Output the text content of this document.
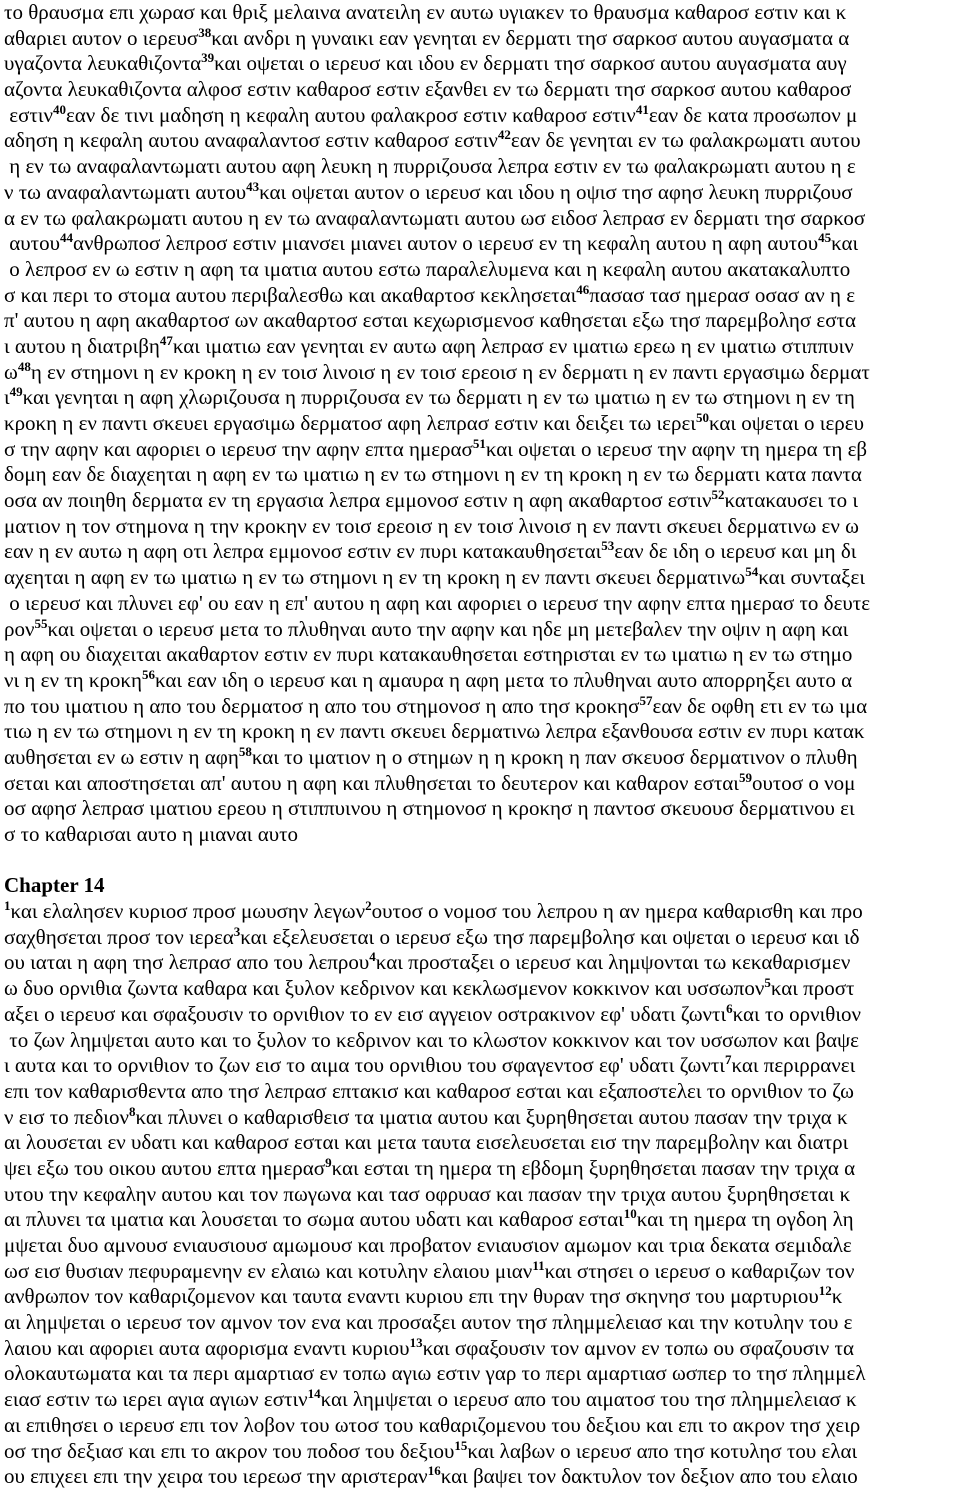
το θραυσμα επι χωρασ και θριξ μελαινα ανατειλη εν αυτω υγιακεν το θραυσμα καθαροσ εστιν και κ
αθαριει αυτον ο ιερευσ$^{38}$και ανδρι η γυναικι εαν γενηται εν δερματι τησ σαρκοσ αυτου αυγασματα α
υγαζοντα λευκαθιζοντα$^{39}$και οψεται ο ιερευσ και ιδου εν δερματι τησ σαρκοσ αυτου αυγασματα αυγ
αζοντα λευκαθιζοντα αλφοσ εστιν καθαροσ εστιν εξανθει εν τω δερματι τησ σαρκοσ αυτου καθαροσ
εστιν$^{40}$εαν δε τινι μαδηση η κεφαλη αυτου φαλακροσ εστιν καθαροσ εστιν$^{41}$εαν δε κατα προσωπον μ
αδηση η κεφαλη αυτου αναφαλαντοσ εστιν καθαροσ εστιν$^{42}$εαν δε γενηται εν τω φαλακρωματι αυτου
η εν τω αναφαλαντωματι αυτου αφη λευκη η πυρριζουσα λεπρα εστιν εν τω φαλακρωματι αυτου η ε
ν τω αναφαλαντωματι αυτου$^{43}$και οψεται αυτον ο ιερευσ και ιδου η οψισ τησ αφησ λευκη πυρριζουσ
α εν τω φαλακρωματι αυτου η εν τω αναφαλαντωματι αυτου ωσ ειδοσ λεπρασ εν δερματι τησ σαρκοσ
αυτου$^{44}$ανθρωποσ λεπροσ εστιν μιανσει μιανει αυτον ο ιερευσ εν τη κεφαλη αυτου η αφη αυτου$^{45}$και
ο λεπροσ εν ω εστιν η αφη τα ιματια αυτου εστω παραλελυμενα και η κεφαλη αυτου ακατακαλυπτο
σ και περι το στομα αυτου περιβαλεσθω και ακαθαρτοσ κεκλησεται$^{46}$πασασ τασ ημερασ οσασ αν η ε
π' αυτου η αφη ακαθαρτοσ ων ακαθαρτοσ εσται κεχωρισμενοσ καθησεται εξω τησ παρεμβολησ εστα
ι αυτου η διατριβη$^{47}$και ιματιω εαν γενηται εν αυτω αφη λεπρασ εν ιματιω ερεω η εν ιματιω στιππυιν
$\omega^{48}\eta$ εν στημονι η εν κροκη η εν τοισ λινοισ η εν τοισ ερεοισ η εν δερματι η εν παντι εργασιμω δερματ
$\iota^{49}\kappa\alpha\iota$ γενηται η αφη χλωριζουσα η πυρριζουσα εν τω δερματι η εν τω ιματιω η εν τω στημονι η εν τη
κροκη η εν παντι σκευει εργασιμω δερματοσ αφη λεπρασ εστιν και δειξει τω ιερει$^{50}$και οψεται ο ιερευ
σ την αφην και αφοριει ο ιερευσ την αφην επτα ημερασ$^{51}$και οψεται ο ιερευσ την αφην τη ημερα τη εβ
δομη εαν δε διαχεηται η αφη εν τω ιματιω η εν τω στημονι η εν τη κροκη η εν τω δερματι κατα παντα
οσα αν ποιηθη δερματα εν τη εργασια λεπρα εμμονοσ εστιν η αφη ακαθαρτοσ εστιν$^{52}$κατακαυσει το ι
ματιον η τον στημονα η την κροκην εν τοισ ερεοισ η εν τοισ λινοισ η εν παντι σκευει δερματινω εν ω
εαν η εν αυτω η αφη οτι λεπρα εμμονοσ εστιν εν πυρι κατακαυθησεται$^{53}$εαν δε ιδη ο ιερευσ και μη δι
αχεηται η αφη εν τω ιματιω η εν τω στημονι η εν τη κροκη η εν παντι σκευει δερματινω$^{54}$και συνταξει
ο ιερευσ και πλυνει εφ' ου εαν η επ' αυτου η αφη και αφοριει ο ιερευσ την αφην επτα ημερασ το δευτε
ρον$^{55}$και οψεται ο ιερευσ μετα το πλυθηναι αυτο την αφην και ηδε μη μετεβαλεν την οψιν η αφη και
η αφη ου διαχειται ακαθαρτον εστιν εν πυρι κατακαυθησεται εστηρισται εν τω ιματιω η εν τω στημο
νι η εν τη κροκη$^{56}$και εαν ιδη ο ιερευσ και η αμαυρα η αφη μετα το πλυθηναι αυτο απορρηξει αυτο α
πο του ιματιου η απο του δερματοσ η απο του στημονοσ η απο τησ κροκησ$^{57}$εαν δε οφθη ετι εν τω ιμα
τιω η εν τω στημονι η εν τη κροκη η εν παντι σκευει δερματινω λεπρα εξανθουσα εστιν εν πυρι κατακ
αυθησεται εν ω εστιν η αφη$^{58}$και το ιματιον η ο στημων η η κροκη η παν σκευοσ δερματινον ο πλυθη
σεται και αποστησεται απ' αυτου η αφη και πλυθησεται το δευτερον και καθαρον εσται$^{59}$ουτοσ ο νομ
οσ αφησ λεπρασ ιματιου ερεου η στιππυινου η στημονοσ η κροκησ η παντοσ σκευουσ δερματινου ει
σ το καθαρισαι αυτο η μιαναι αυτο
Chapter 14
$^1$και ελαλησεν κυριοσ προσ μωυσην λεγων$^2$ουτοσ ο νομοσ του λεπρου η αν ημερα καθαρισθη και προ
σαχθησεται προσ τον ιερεα$^3$και εξελευσεται ο ιερευσ εξω τησ παρεμβολησ και οψεται ο ιερευσ και ιδ
ου ιαται η αφη τησ λεπρασ απο του λεπρου$^4$και προσταξει ο ιερευσ και λημψονται τω κεκαθαρισμεν
ω δυο ορνιθια ζωντα καθαρα και ξυλον κεδρινον και κεκλωσμενον κοκκινον και υσσωπον$^5$και προστ
αξει ο ιερευσ και σφαξουσιν το ορνιθιον το εν εισ αγγειον οστρακινον εφ' υδατι ζωντι$^6$και το ορνιθιον
το ζων λημψεται αυτο και το ξυλον το κεδρινον και το κλωστον κοκκινον και τον υσσωπον και βαψε
ι αυτα και το ορνιθιον το ζων εισ το αιμα του ορνιθιου του σφαγεντοσ εφ' υδατι ζωντι$^7$και περιρρανει
επι τον καθαρισθεντα απο τησ λεπρασ επτακισ και καθαροσ εσται και εξαποστελει το ορνιθιον το ζω
ν εισ το πεδιον$^8$και πλυνει ο καθαρισθεισ τα ιματια αυτου και ξυρηθησεται αυτου πασαν την τριχα κ
αι λουσεται εν υδατι και καθαροσ εσται και μετα ταυτα εισελευσεται εισ την παρεμβολην και διατρι
ψει εξω του οικου αυτου επτα ημερασ$^9$και εσται τη ημερα τη εβδομη ξυρηθησεται πασαν την τριχα α
υτου την κεφαλην αυτου και τον πωγωνα και τασ οφρυασ και πασαν την τριχα αυτου ξυρηθησεται κ
αι πλυνει τα ιματια και λουσεται το σωμα αυτου υδατι και καθαροσ εσται$^{10}$και τη ημερα τη ογδοη λη
μψεται δυο αμνουσ ενιαυσιουσ αμωμουσ και προβατον ενιαυσιον αμωμον και τρια δεκατα σεμιδαλε
ωσ εισ θυσιαν πεφυραμενην εν ελαιω και κοτυλην ελαιου μιαν$^{11}$και στησει ο ιερευσ ο καθαριζων τον
ανθρωπον τον καθαριζομενον και ταυτα εναντι κυριου επι την θυραν τησ σκηνησ του μαρτυριου$^{12}$κ
αι λημψεται ο ιερευσ τον αμνον τον ενα και προσαξει αυτον τησ πλημμελειασ και την κοτυλην του ε
λαιου και αφοριει αυτα αφορισμα εναντι κυριου$^{13}$και σφαξουσιν τον αμνον εν τοπω ου σφαζουσιν τα
ολοκαυτωματα και τα περι αμαρτιασ εν τοπω αγιω εστιν γαρ το περι αμαρτιασ ωσπερ το τησ πλημμελ
ειασ εστιν τω ιερει αγια αγιων εστιν$^{14}$και λημψεται ο ιερευσ απο του αιματοσ του τησ πλημμελειασ κ
αι επιθησει ο ιερευσ επι τον λοβον του ωτοσ του καθαριζομενου του δεξιου και επι το ακρον τησ χειρ
οσ τησ δεξιασ και επι το ακρον του ποδοσ του δεξιου$^{15}$και λαβων ο ιερευσ απο τησ κοτυλησ του ελαι
ου επιχεει επι την χειρα του ιερεωσ την αριστεραν$^{16}$και βαψει τον δακτυλον τον δεξιον απο του ελαιο
